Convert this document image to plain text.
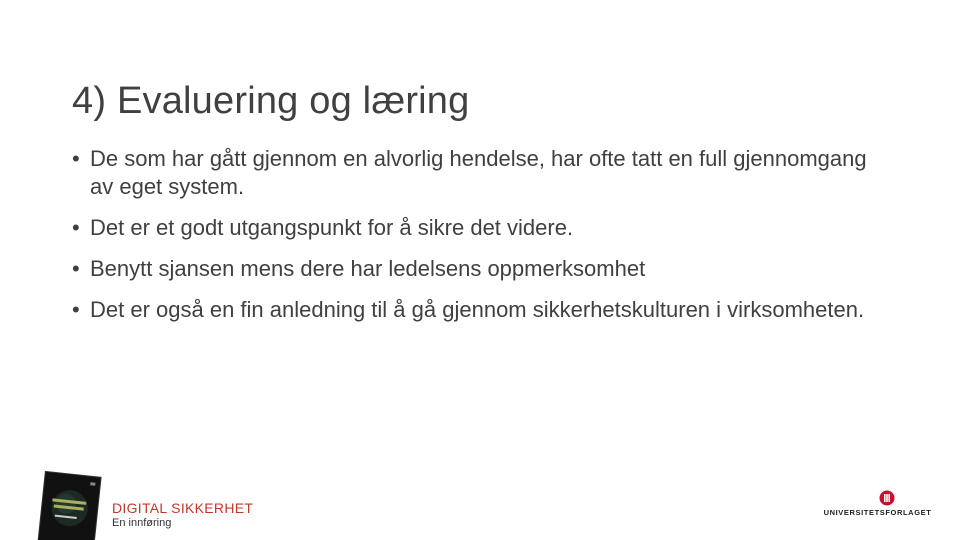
4) Evaluering og læring
• De som har gått gjennom en alvorlig hendelse, har ofte tatt en full gjennomgang av eget system.
• Det er et godt utgangspunkt for å sikre det videre.
• Benytt sjansen mens dere har ledelsens oppmerksomhet
• Det er også en fin anledning til å gå gjennom sikkerhetskulturen i virksomheten.
DIGITAL SIKKERHET
En innføring
UNIVERSITETSFORLAGET
